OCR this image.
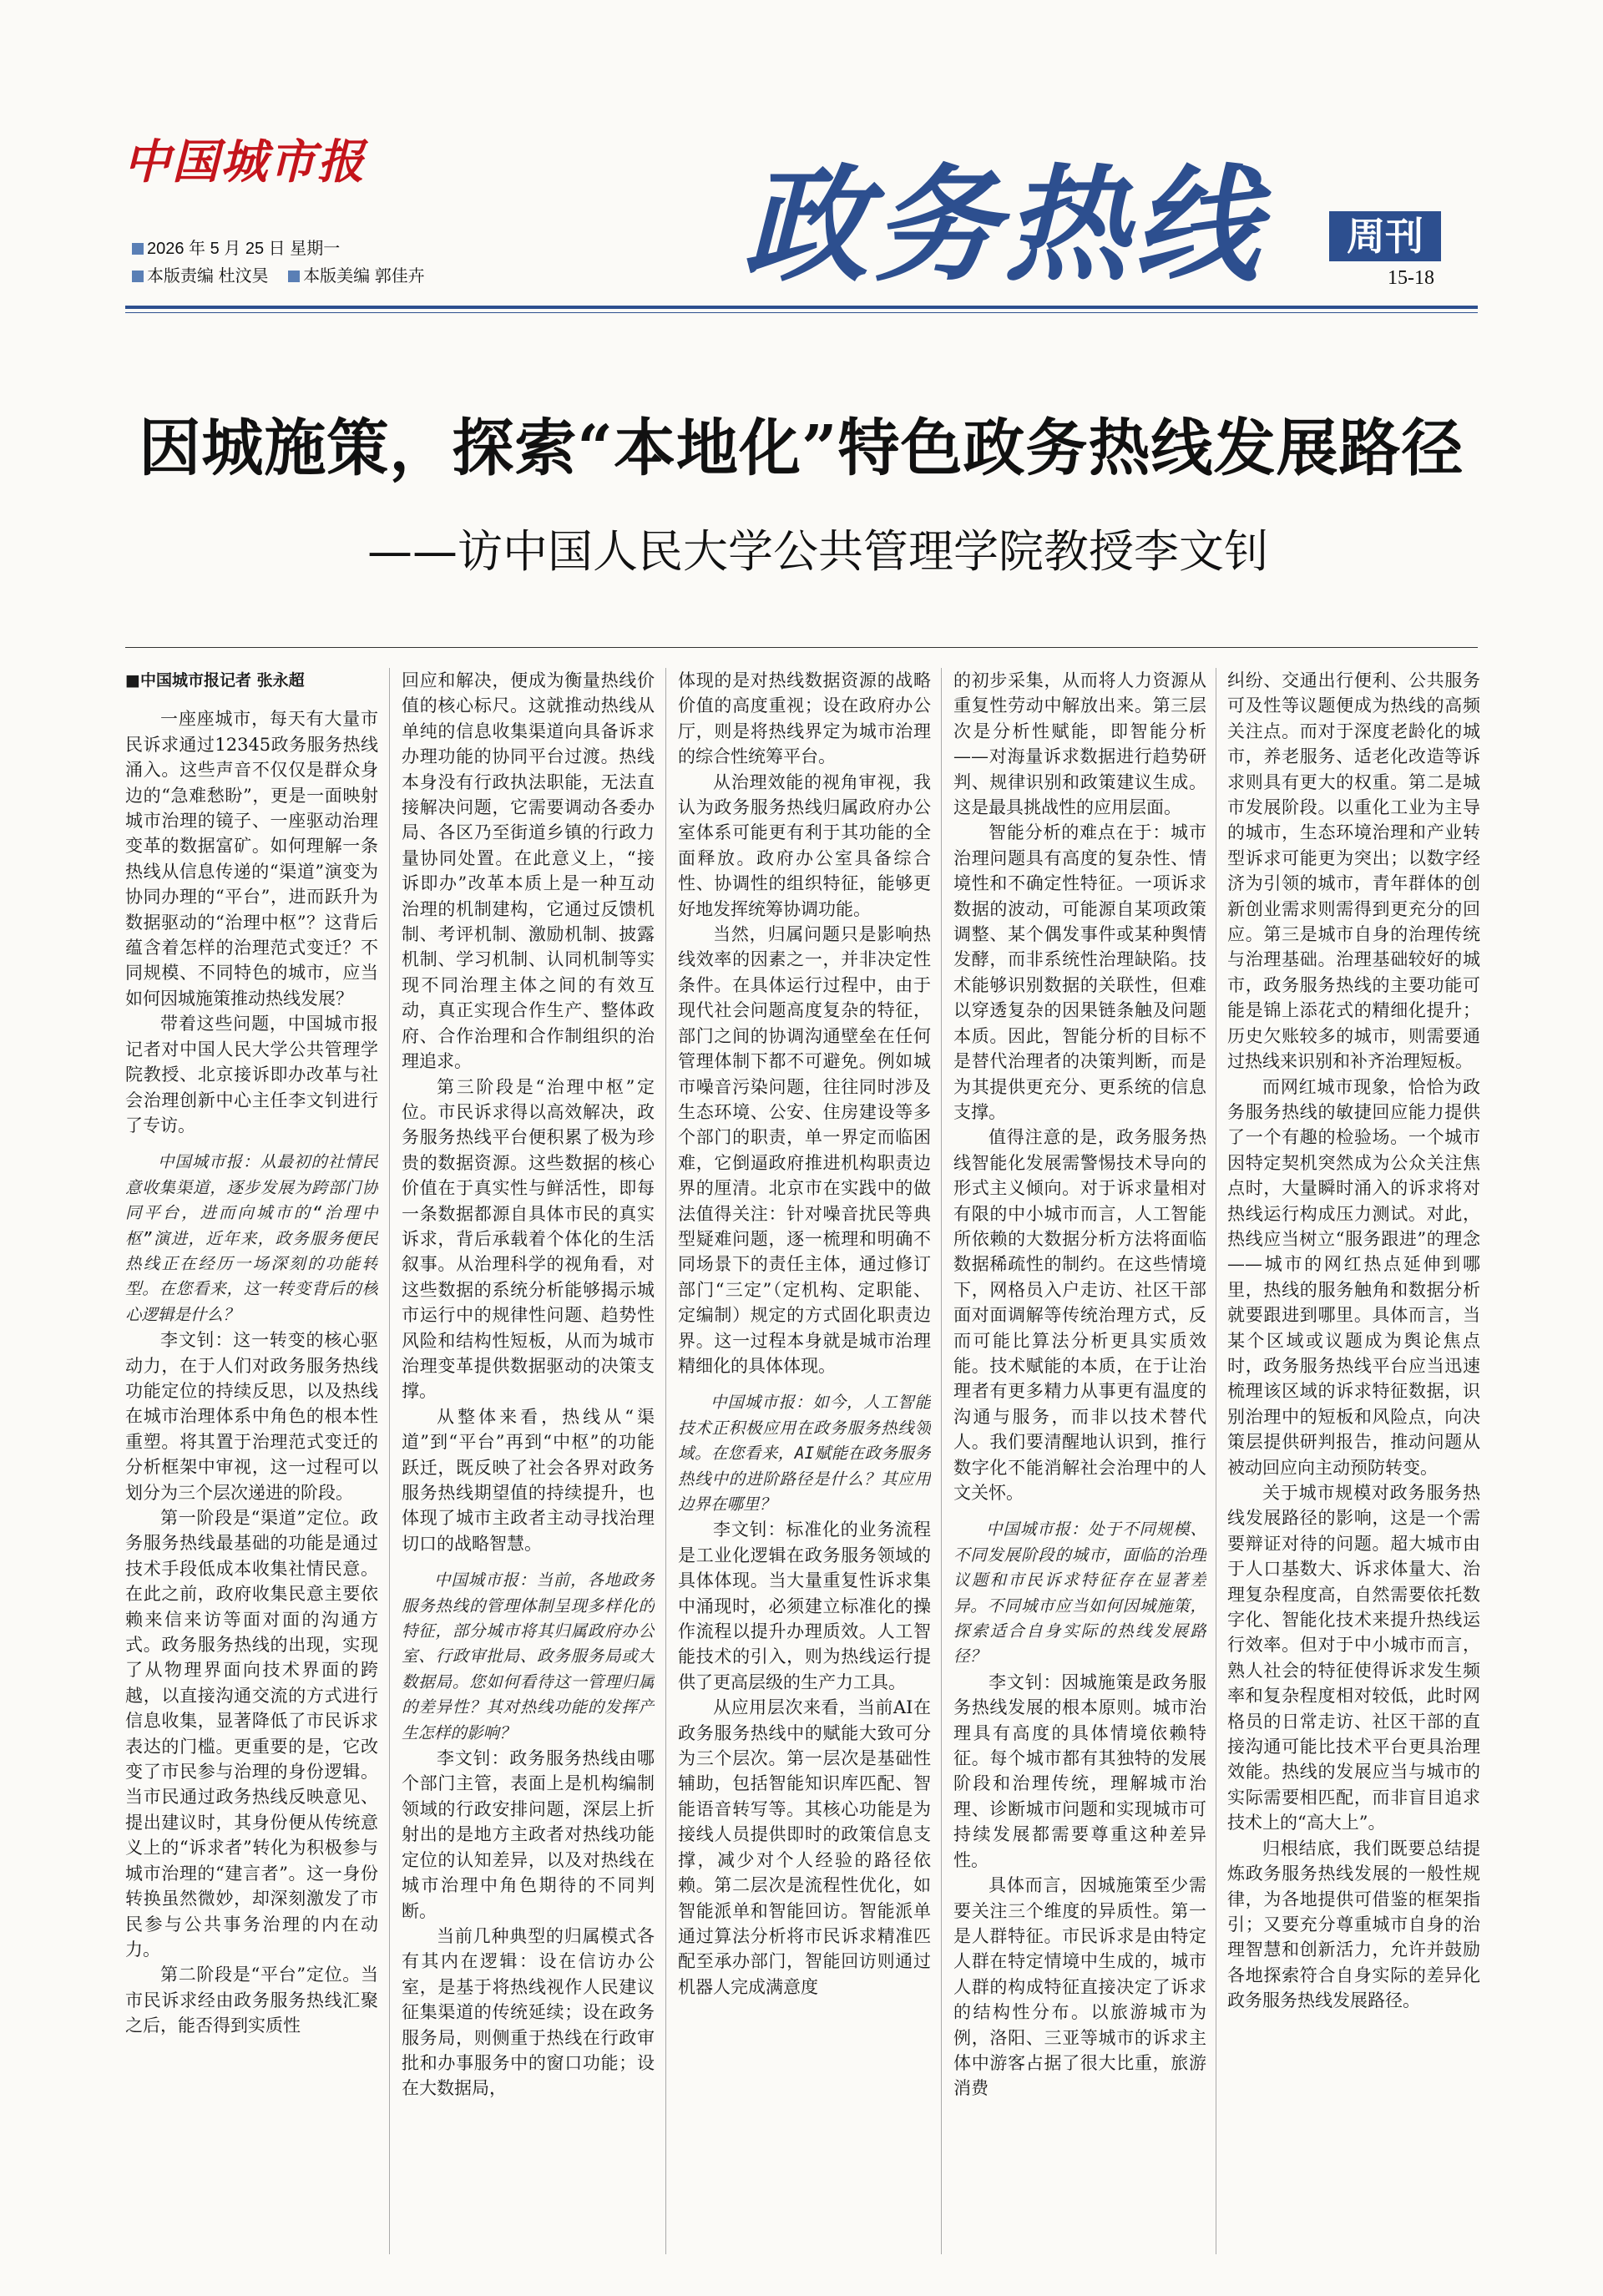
中国城市报
2026 年 5 月 25 日 星期一
本版责编 杜汶昊 本版美编 郭佳卉	政务热线	周刊
15-18
因城施策，探索“本地化”特色政务热线发展路径
——访中国人民大学公共管理学院教授李文钊

■中国城市报记者 张永超

一座座城市，每天有大量市民诉求通过12345政务服务热线涌入。这些声音不仅仅是群众身边的“急难愁盼”，更是一面映射城市治理的镜子、一座驱动治理变革的数据富矿。如何理解一条热线从信息传递的“渠道”演变为协同办理的“平台”，进而跃升为数据驱动的“治理中枢”？这背后蕴含着怎样的治理范式变迁？不同规模、不同特色的城市，应当如何因城施策推动热线发展？

带着这些问题，中国城市报记者对中国人民大学公共管理学院教授、北京接诉即办改革与社会治理创新中心主任李文钊进行了专访。

中国城市报：从最初的社情民意收集渠道，逐步发展为跨部门协同平台，进而向城市的“治理中枢”演进，近年来，政务服务便民热线正在经历一场深刻的功能转型。在您看来，这一转变背后的核心逻辑是什么？

李文钊：这一转变的核心驱动力，在于人们对政务服务热线功能定位的持续反思，以及热线在城市治理体系中角色的根本性重塑。将其置于治理范式变迁的分析框架中审视，这一过程可以划分为三个层次递进的阶段。

第一阶段是“渠道”定位。政务服务热线最基础的功能是通过技术手段低成本收集社情民意。在此之前，政府收集民意主要依赖来信来访等面对面的沟通方式。政务服务热线的出现，实现了从物理界面向技术界面的跨越，以直接沟通交流的方式进行信息收集，显著降低了市民诉求表达的门槛。更重要的是，它改变了市民参与治理的身份逻辑。当市民通过政务热线反映意见、提出建议时，其身份便从传统意义上的“诉求者”转化为积极参与城市治理的“建言者”。这一身份转换虽然微妙，却深刻激发了市民参与公共事务治理的内在动力。

第二阶段是“平台”定位。当市民诉求经由政务服务热线汇聚之后，能否得到实质性

回应和解决，便成为衡量热线价值的核心标尺。这就推动热线从单纯的信息收集渠道向具备诉求办理功能的协同平台过渡。热线本身没有行政执法职能，无法直接解决问题，它需要调动各委办局、各区乃至街道乡镇的行政力量协同处置。在此意义上，“接诉即办”改革本质上是一种互动治理的机制建构，它通过反馈机制、考评机制、激励机制、披露机制、学习机制、认同机制等实现不同治理主体之间的有效互动，真正实现合作生产、整体政府、合作治理和合作制组织的治理追求。

第三阶段是“治理中枢”定位。市民诉求得以高效解决，政务服务热线平台便积累了极为珍贵的数据资源。这些数据的核心价值在于真实性与鲜活性，即每一条数据都源自具体市民的真实诉求，背后承载着个体化的生活叙事。从治理科学的视角看，对这些数据的系统分析能够揭示城市运行中的规律性问题、趋势性风险和结构性短板，从而为城市治理变革提供数据驱动的决策支撑。

从整体来看，热线从“渠道”到“平台”再到“中枢”的功能跃迁，既反映了社会各界对政务服务热线期望值的持续提升，也体现了城市主政者主动寻找治理切口的战略智慧。

中国城市报：当前，各地政务服务热线的管理体制呈现多样化的特征，部分城市将其归属政府办公室、行政审批局、政务服务局或大数据局。您如何看待这一管理归属的差异性？其对热线功能的发挥产生怎样的影响？

李文钊：政务服务热线由哪个部门主管，表面上是机构编制领域的行政安排问题，深层上折射出的是地方主政者对热线功能定位的认知差异，以及对热线在城市治理中角色期待的不同判断。

当前几种典型的归属模式各有其内在逻辑：设在信访办公室，是基于将热线视作人民建议征集渠道的传统延续；设在政务服务局，则侧重于热线在行政审批和办事服务中的窗口功能；设在大数据局，

体现的是对热线数据资源的战略价值的高度重视；设在政府办公厅，则是将热线界定为城市治理的综合性统筹平台。

从治理效能的视角审视，我认为政务服务热线归属政府办公室体系可能更有利于其功能的全面释放。政府办公室具备综合性、协调性的组织特征，能够更好地发挥统筹协调功能。

当然，归属问题只是影响热线效率的因素之一，并非决定性条件。在具体运行过程中，由于现代社会问题高度复杂的特征，部门之间的协调沟通壁垒在任何管理体制下都不可避免。例如城市噪音污染问题，往往同时涉及生态环境、公安、住房建设等多个部门的职责，单一界定而临困难，它倒逼政府推进机构职责边界的厘清。北京市在实践中的做法值得关注：针对噪音扰民等典型疑难问题，逐一梳理和明确不同场景下的责任主体，通过修订部门“三定”（定机构、定职能、定编制）规定的方式固化职责边界。这一过程本身就是城市治理精细化的具体体现。

中国城市报：如今，人工智能技术正积极应用在政务服务热线领域。在您看来，AI赋能在政务服务热线中的进阶路径是什么？其应用边界在哪里？

李文钊：标准化的业务流程是工业化逻辑在政务服务领域的具体体现。当大量重复性诉求集中涌现时，必须建立标准化的操作流程以提升办理质效。人工智能技术的引入，则为热线运行提供了更高层级的生产力工具。

从应用层次来看，当前AI在政务服务热线中的赋能大致可分为三个层次。第一层次是基础性辅助，包括智能知识库匹配、智能语音转写等。其核心功能是为接线人员提供即时的政策信息支撑，减少对个人经验的路径依赖。第二层次是流程性优化，如智能派单和智能回访。智能派单通过算法分析将市民诉求精准匹配至承办部门，智能回访则通过机器人完成满意度

的初步采集，从而将人力资源从重复性劳动中解放出来。第三层次是分析性赋能，即智能分析——对海量诉求数据进行趋势研判、规律识别和政策建议生成。这是最具挑战性的应用层面。

智能分析的难点在于：城市治理问题具有高度的复杂性、情境性和不确定性特征。一项诉求数据的波动，可能源自某项政策调整、某个偶发事件或某种舆情发酵，而非系统性治理缺陷。技术能够识别数据的关联性，但难以穿透复杂的因果链条触及问题本质。因此，智能分析的目标不是替代治理者的决策判断，而是为其提供更充分、更系统的信息支撑。

值得注意的是，政务服务热线智能化发展需警惕技术导向的形式主义倾向。对于诉求量相对有限的中小城市而言，人工智能所依赖的大数据分析方法将面临数据稀疏性的制约。在这些情境下，网格员入户走访、社区干部面对面调解等传统治理方式，反而可能比算法分析更具实质效能。技术赋能的本质，在于让治理者有更多精力从事更有温度的沟通与服务，而非以技术替代人。我们要清醒地认识到，推行数字化不能消解社会治理中的人文关怀。

中国城市报：处于不同规模、不同发展阶段的城市，面临的治理议题和市民诉求特征存在显著差异。不同城市应当如何因城施策，探索适合自身实际的热线发展路径？

李文钊：因城施策是政务服务热线发展的根本原则。城市治理具有高度的具体情境依赖特征。每个城市都有其独特的发展阶段和治理传统，理解城市治理、诊断城市问题和实现城市可持续发展都需要尊重这种差异性。

具体而言，因城施策至少需要关注三个维度的异质性。第一是人群特征。市民诉求是由特定人群在特定情境中生成的，城市人群的构成特征直接决定了诉求的结构性分布。以旅游城市为例，洛阳、三亚等城市的诉求主体中游客占据了很大比重，旅游消费

纠纷、交通出行便利、公共服务可及性等议题便成为热线的高频关注点。而对于深度老龄化的城市，养老服务、适老化改造等诉求则具有更大的权重。第二是城市发展阶段。以重化工业为主导的城市，生态环境治理和产业转型诉求可能更为突出；以数字经济为引领的城市，青年群体的创新创业需求则需得到更充分的回应。第三是城市自身的治理传统与治理基础。治理基础较好的城市，政务服务热线的主要功能可能是锦上添花式的精细化提升；历史欠账较多的城市，则需要通过热线来识别和补齐治理短板。

而网红城市现象，恰恰为政务服务热线的敏捷回应能力提供了一个有趣的检验场。一个城市因特定契机突然成为公众关注焦点时，大量瞬时涌入的诉求将对热线运行构成压力测试。对此，热线应当树立“服务跟进”的理念——城市的网红热点延伸到哪里，热线的服务触角和数据分析就要跟进到哪里。具体而言，当某个区域或议题成为舆论焦点时，政务服务热线平台应当迅速梳理该区域的诉求特征数据，识别治理中的短板和风险点，向决策层提供研判报告，推动问题从被动回应向主动预防转变。

关于城市规模对政务服务热线发展路径的影响，这是一个需要辩证对待的问题。超大城市由于人口基数大、诉求体量大、治理复杂程度高，自然需要依托数字化、智能化技术来提升热线运行效率。但对于中小城市而言，熟人社会的特征使得诉求发生频率和复杂程度相对较低，此时网格员的日常走访、社区干部的直接沟通可能比技术平台更具治理效能。热线的发展应当与城市的实际需要相匹配，而非盲目追求技术上的“高大上”。

归根结底，我们既要总结提炼政务服务热线发展的一般性规律，为各地提供可借鉴的框架指引；又要充分尊重城市自身的治理智慧和创新活力，允许并鼓励各地探索符合自身实际的差异化政务服务热线发展路径。
